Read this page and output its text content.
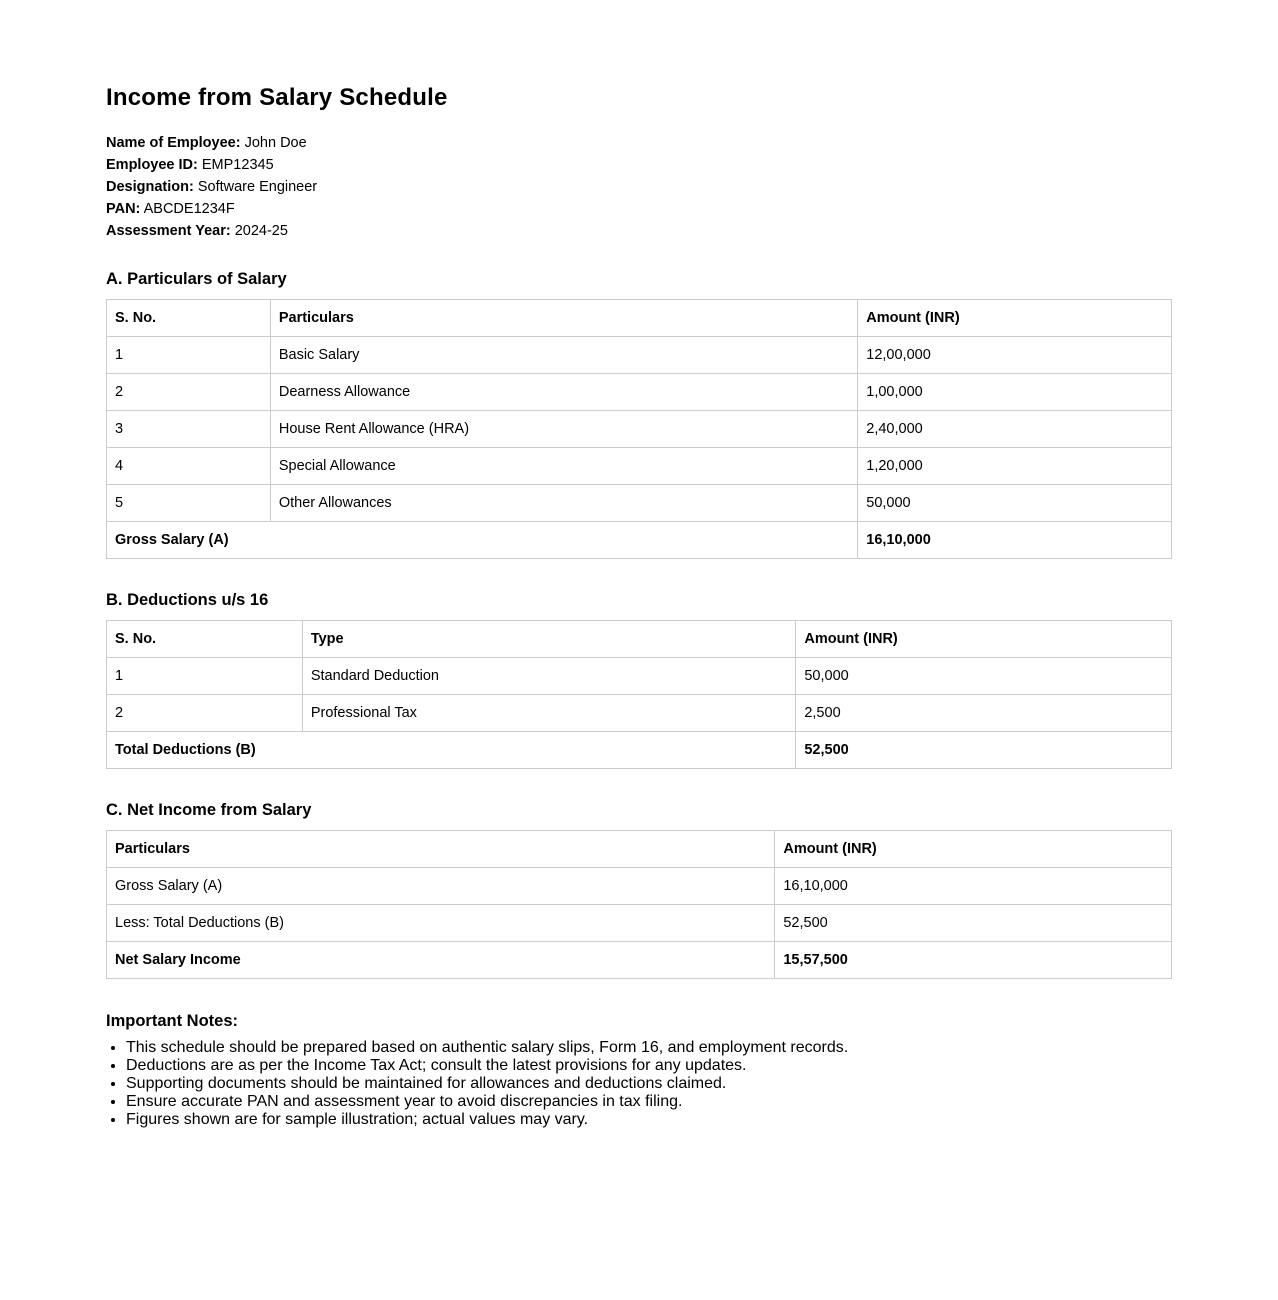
Income from Salary Schedule
Name of Employee: John Doe
Employee ID: EMP12345
Designation: Software Engineer
PAN: ABCDE1234F
Assessment Year: 2024-25
A. Particulars of Salary
S. No.	Particulars	Amount (INR)
1	Basic Salary	12,00,000
2	Dearness Allowance	1,00,000
3	House Rent Allowance (HRA)	2,40,000
4	Special Allowance	1,20,000
5	Other Allowances	50,000
Gross Salary (A)		16,10,000
B. Deductions u/s 16
S. No.	Type	Amount (INR)
1	Standard Deduction	50,000
2	Professional Tax	2,500
Total Deductions (B)		52,500
C. Net Income from Salary
Particulars	Amount (INR)
Gross Salary (A)	16,10,000
Less: Total Deductions (B)	52,500
Net Salary Income	15,57,500
Important Notes:
• This schedule should be prepared based on authentic salary slips, Form 16, and employment records.
• Deductions are as per the Income Tax Act; consult the latest provisions for any updates.
• Supporting documents should be maintained for allowances and deductions claimed.
• Ensure accurate PAN and assessment year to avoid discrepancies in tax filing.
• Figures shown are for sample illustration; actual values may vary.
